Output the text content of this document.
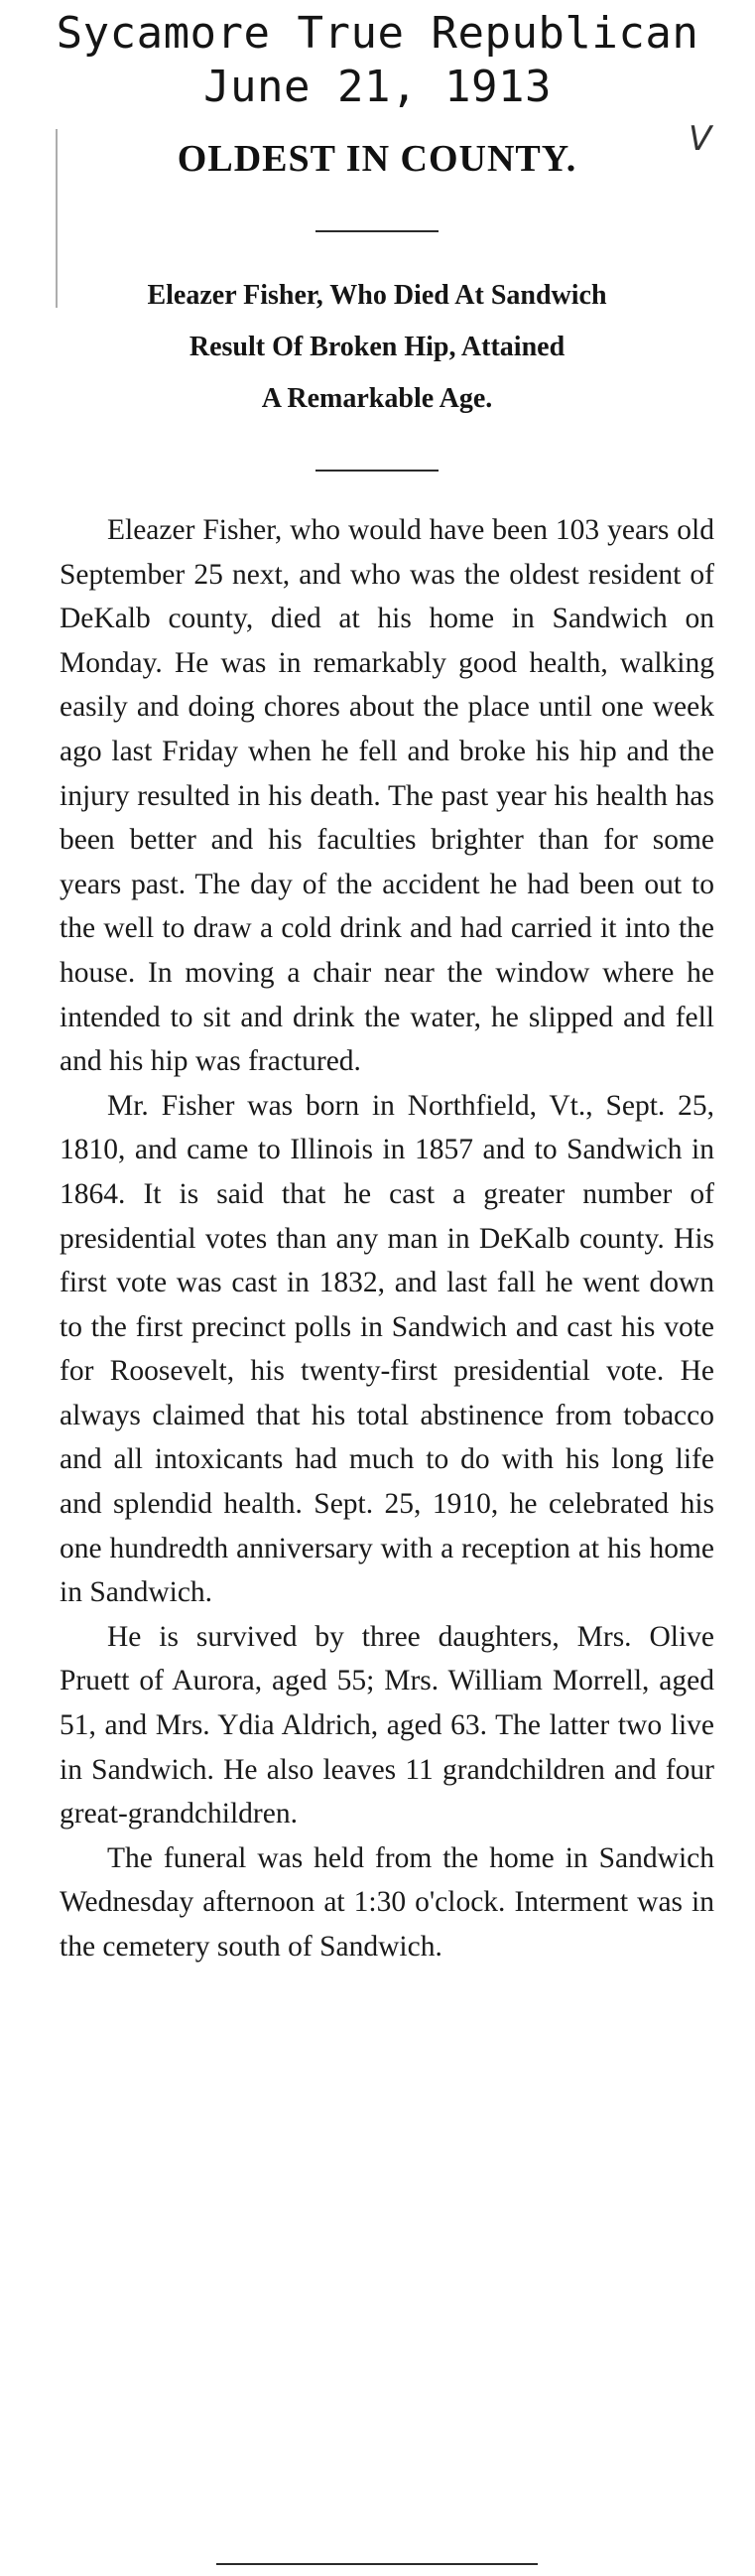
Sycamore True Republican
June 21, 1913
V
OLDEST IN COUNTY.
Eleazer Fisher, Who Died At Sandwich
Result Of Broken Hip, Attained
A Remarkable Age.

Eleazer Fisher, who would have been 103 years old September 25 next, and who was the oldest resident of DeKalb county, died at his home in Sandwich on Monday. He was in remarkably good health, walking easily and doing chores about the place until one week ago last Friday when he fell and broke his hip and the injury resulted in his death. The past year his health has been better and his faculties brighter than for some years past. The day of the accident he had been out to the well to draw a cold drink and had carried it into the house. In moving a chair near the window where he intended to sit and drink the water, he slipped and fell and his hip was fractured.

Mr. Fisher was born in Northfield, Vt., Sept. 25, 1810, and came to Illinois in 1857 and to Sandwich in 1864. It is said that he cast a greater number of presidential votes than any man in DeKalb county. His first vote was cast in 1832, and last fall he went down to the first precinct polls in Sandwich and cast his vote for Roosevelt, his twenty-first presidential vote. He always claimed that his total abstinence from tobacco and all intoxicants had much to do with his long life and splendid health. Sept. 25, 1910, he celebrated his one hundredth anniversary with a reception at his home in Sandwich.

He is survived by three daughters, Mrs. Olive Pruett of Aurora, aged 55; Mrs. William Morrell, aged 51, and Mrs. Ydia Aldrich, aged 63. The latter two live in Sandwich. He also leaves 11 grandchildren and four great-grandchildren.

The funeral was held from the home in Sandwich Wednesday afternoon at 1:30 o'clock. Interment was in the cemetery south of Sandwich.
